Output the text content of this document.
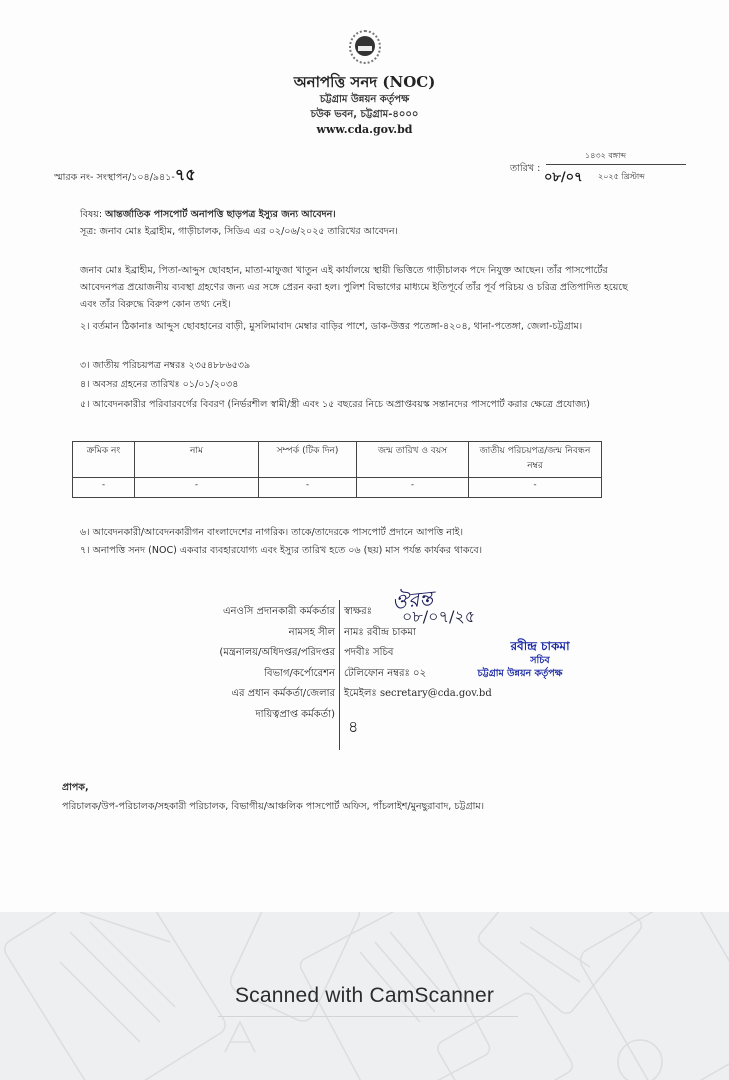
অনাপত্তি সনদ (NOC)
চট্টগ্রাম উন্নয়ন কর্তৃপক্ষ
চউক ভবন, চট্টগ্রাম-৪০০০
www.cda.gov.bd
স্মারক নং- সংস্থাপন/১০৪/৯৪১-৭৫	তারিখ :
১৪৩২ বঙ্গাব্দ
০৮/০৭ ২০২৫ খ্রিস্টাব্দ
বিষয়: আন্তর্জাতিক পাসপোর্ট অনাপত্তি ছাড়পত্র ইস্যুর জন্য আবেদন।
সূত্র: জনাব মোঃ ইব্রাহীম, গাড়ীচালক, সিডিএ এর ০২/০৬/২০২৫ তারিখের আবেদন।
জনাব মোঃ ইব্রাহীম, পিতা-আব্দুস ছোবহান, মাতা-মাফুজা খাতুন এই কার্যালয়ে স্থায়ী ভিত্তিতে গাড়ীচালক পদে নিযুক্ত আছেন। তাঁর পাসপোর্টের আবেদনপত্র প্রয়োজনীয় ব্যবস্থা গ্রহণের জন্য এর সঙ্গে প্রেরন করা হল। পুলিশ বিভাগের মাধ্যমে ইতিপূর্বে তাঁর পূর্ব পরিচয় ও চরিত্র প্রতিপাদিত হয়েছে এবং তাঁর বিরুদ্ধে বিরুপ কোন তথ্য নেই।
২। বর্তমান ঠিকানাঃ আব্দুস ছোবহানের বাড়ী, মুসলিমাবাদ মেম্বার বাড়ির পাশে, ডাক-উত্তর পতেঙ্গা-৪২০৪, থানা-পতেঙ্গা, জেলা-চট্টগ্রাম।
৩। জাতীয় পরিচয়পত্র নম্বরঃ ২৩৫৪৮৮৬৫৩৯
৪। অবসর গ্রহনের তারিখঃ ০১/০১/২০৩৪
৫। আবেদনকারীর পরিবারবর্গের বিবরণ (নির্ভরশীল স্বামী/স্ত্রী এবং ১৫ বছরের নিচে অপ্রাপ্তবয়স্ক সন্তানদের পাসপোর্ট করার ক্ষেত্রে প্রযোজ্য)
ক্রমিক নং	নাম	সম্পর্ক (টিক দিন)	জন্ম তারিখ ও বয়স	জাতীয় পরিচয়পত্র/জন্ম নিবন্ধন নম্বর
-	-	-	-	-
৬। আবেদনকারী/আবেদনকারীগন বাংলাদেশের নাগরিক। তাকে/তাদেরকে পাসপোর্ট প্রদানে আপত্তি নাই।
৭। অনাপত্তি সনদ (NOC) একবার ব্যবহারযোগ্য এবং ইস্যুর তারিখ হতে ০৬ (ছয়) মাস পর্যন্ত কার্যকর থাকবে।
এনওসি প্রদানকারী কর্মকর্তার
নামসহ সীল
(মন্ত্রনালয়/অধিদপ্তর/পরিদপ্তর
বিভাগ/কর্পোরেশন
এর প্রধান কর্মকর্তা/জেলার
দায়িত্বপ্রাপ্ত কর্মকর্তা)
স্বাক্ষরঃ
নামঃ রবীন্দ্র চাকমা
পদবীঃ সচিব
টেলিফোন নম্বরঃ ০২
ইমেইলঃ secretary@cda.gov.bd
ঔরন্ত
০৮/০৭/২৫
৪
রবীন্দ্র চাকমা
সচিব
চট্টগ্রাম উন্নয়ন কর্তৃপক্ষ
প্রাপক,
পরিচালক/উপ-পরিচালক/সহকারী পরিচালক, বিভাগীয়/আঞ্চলিক পাসপোর্ট অফিস, পাঁচলাইশ/মুনছুরাবাদ, চট্টগ্রাম।
Scanned with CamScanner
